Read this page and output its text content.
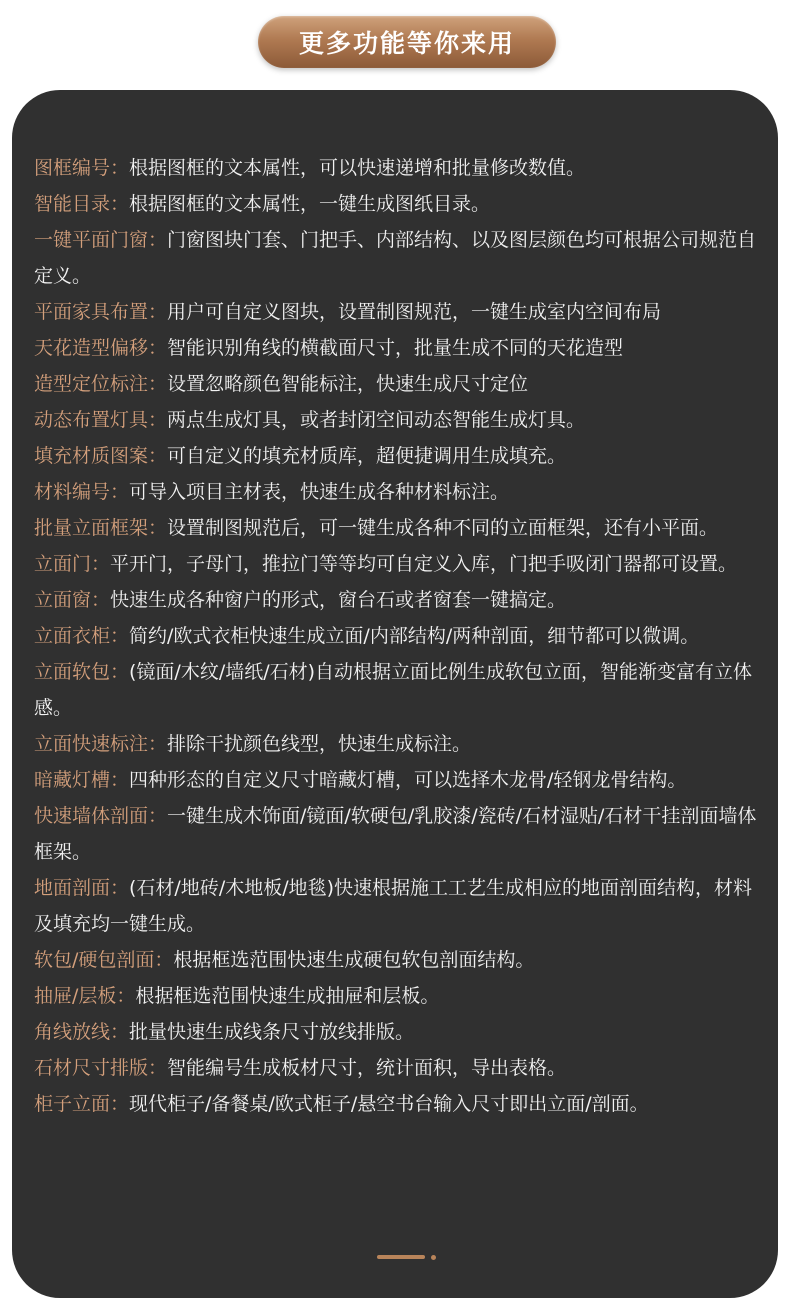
更多功能等你来用
图框编号：根据图框的文本属性，可以快速递增和批量修改数值。
智能目录：根据图框的文本属性，一键生成图纸目录。
一键平面门窗：门窗图块门套、门把手、内部结构、以及图层颜色均可根据公司规范自定义。
平面家具布置：用户可自定义图块，设置制图规范，一键生成室内空间布局
天花造型偏移：智能识别角线的横截面尺寸，批量生成不同的天花造型
造型定位标注：设置忽略颜色智能标注，快速生成尺寸定位
动态布置灯具：两点生成灯具，或者封闭空间动态智能生成灯具。
填充材质图案：可自定义的填充材质库，超便捷调用生成填充。
材料编号：可导入项目主材表，快速生成各种材料标注。
批量立面框架：设置制图规范后，可一键生成各种不同的立面框架，还有小平面。
立面门：平开门，子母门，推拉门等等均可自定义入库，门把手吸闭门器都可设置。
立面窗：快速生成各种窗户的形式，窗台石或者窗套一键搞定。
立面衣柜：简约/欧式衣柜快速生成立面/内部结构/两种剖面，细节都可以微调。
立面软包：(镜面/木纹/墙纸/石材)自动根据立面比例生成软包立面，智能渐变富有立体感。
立面快速标注：排除干扰颜色线型，快速生成标注。
暗藏灯槽：四种形态的自定义尺寸暗藏灯槽，可以选择木龙骨/轻钢龙骨结构。
快速墙体剖面：一键生成木饰面/镜面/软硬包/乳胶漆/瓷砖/石材湿贴/石材干挂剖面墙体框架。
地面剖面：(石材/地砖/木地板/地毯)快速根据施工工艺生成相应的地面剖面结构，材料及填充均一键生成。
软包/硬包剖面：根据框选范围快速生成硬包软包剖面结构。
抽屉/层板：根据框选范围快速生成抽屉和层板。
角线放线：批量快速生成线条尺寸放线排版。
石材尺寸排版：智能编号生成板材尺寸，统计面积，导出表格。
柜子立面：现代柜子/备餐桌/欧式柜子/悬空书台输入尺寸即出立面/剖面。
